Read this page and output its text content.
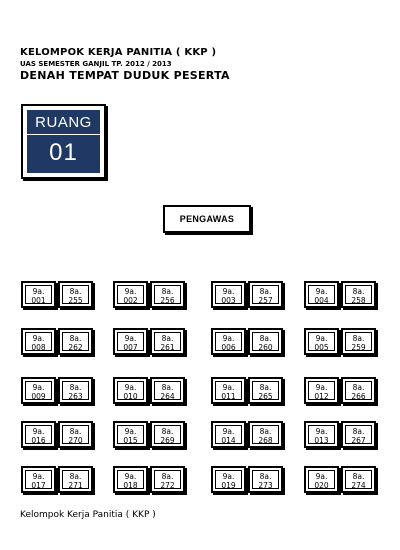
KELOMPOK KERJA PANITIA ( KKP )
UAS SEMESTER GANJIL TP. 2012 / 2013
DENAH TEMPAT DUDUK PESERTA
RUANG
01
PENGAWAS
9a.
001
8a.
255
9a.
002
8a.
256
9a.
003
8a.
257
9a.
004
8a.
258
9a.
008
8a.
262
9a.
007
8a.
261
9a.
006
8a.
260
9a.
005
8a.
259
9a.
009
8a.
263
9a.
010
8a.
264
9a.
011
8a.
265
9a.
012
8a.
266
9a.
016
8a.
270
9a.
015
8a.
269
9a.
014
8a.
268
9a.
013
8a.
267
9a.
017
8a.
271
9a.
018
8a.
272
9a.
019
8a.
273
9a.
020
8a.
274
Kelompok Kerja Panitia ( KKP )
